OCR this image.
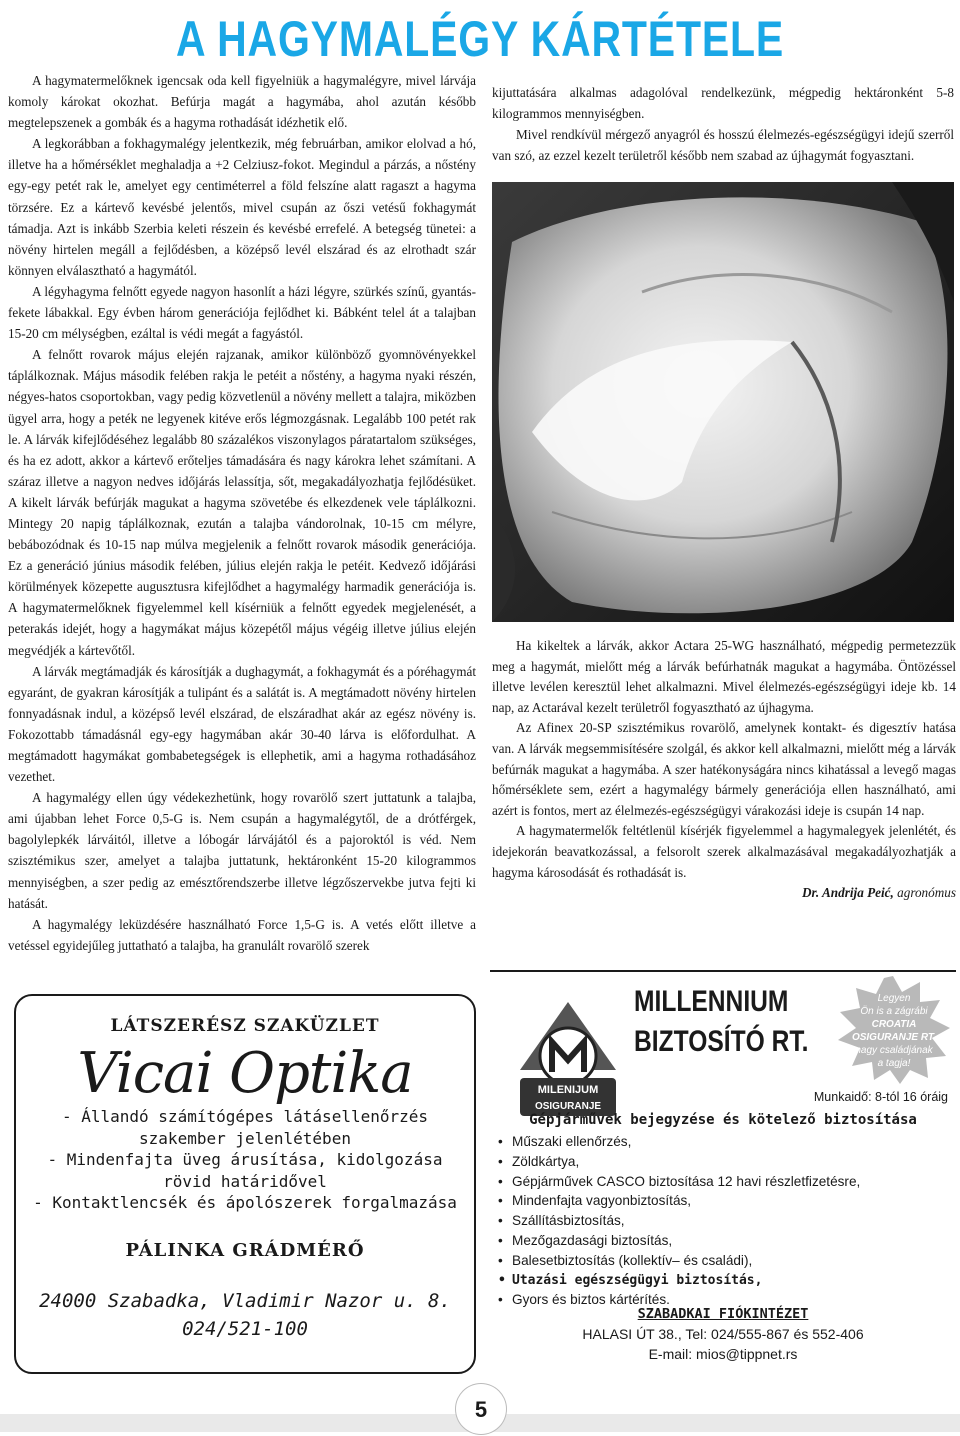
A HAGYMALÉGY KÁRTÉTELE

A hagymatermelőknek igencsak oda kell figyelniük a hagymalégyre, mivel lárvája komoly károkat okozhat. Befúrja magát a hagymába, ahol azután később megtelepszenek a gombák és a hagyma rothadását idézhetik elő.

A legkorábban a fokhagymalégy jelentkezik, még februárban, amikor elolvad a hó, illetve ha a hőmérséklet meghaladja a +2 Celziusz-fokot. Megindul a párzás, a nőstény egy-egy petét rak le, amelyet egy centiméterrel a föld felszíne alatt ragaszt a hagyma törzsére. Ez a kártevő kevésbé jelentős, mivel csupán az őszi vetésű fokhagymát támadja. Azt is inkább Szerbia keleti részein és kevésbé errefelé. A betegség tünetei: a növény hirtelen megáll a fejlődésben, a középső levél elszárad és az elrothadt szár könnyen elválasztható a hagymától.

A légyhagyma felnőtt egyede nagyon hasonlít a házi légyre, szürkés színű, gyantás-fekete lábakkal. Egy évben három generációja fejlődhet ki. Bábként telel át a talajban 15-20 cm mélységben, ezáltal is védi megát a fagyástól.

A felnőtt rovarok május elején rajzanak, amikor különböző gyomnövényekkel táplálkoznak. Május második felében rakja le petéit a nőstény, a hagyma nyaki részén, négyes-hatos csoportokban, vagy pedig közvetlenül a növény mellett a talajra, miközben ügyel arra, hogy a peték ne legyenek kitéve erős légmozgásnak. Legalább 100 petét rak le. A lárvák kifejlődéséhez legalább 80 százalékos viszonylagos páratartalom szükséges, és ha ez adott, akkor a kártevő erőteljes támadására és nagy károkra lehet számítani. A száraz illetve a nagyon nedves időjárás lelassítja, sőt, megakadályozhatja fejlődésüket. A kikelt lárvák befúrják magukat a hagyma szövetébe és elkezdenek vele táplálkozni. Mintegy 20 napig táplálkoznak, ezután a talajba vándorolnak, 10-15 cm mélyre, bebábozódnak és 10-15 nap múlva megjelenik a felnőtt rovarok második generációja. Ez a generáció június második felében, július elején rakja le petéit. Kedvező időjárási körülmények közepette augusztusra kifejlődhet a hagymalégy harmadik generációja is. A hagymatermelőknek figyelemmel kell kísérniük a felnőtt egyedek megjelenését, a peterakás idejét, hogy a hagymákat május közepétől május végéig illetve július elején megvédjék a kártevőtől.

A lárvák megtámadják és károsítják a dughagymát, a fokhagymát és a póréhagymát egyaránt, de gyakran károsítják a tulipánt és a salátát is. A megtámadott növény hirtelen fonnyadásnak indul, a középső levél elszárad, de elszáradhat akár az egész növény is. Fokozottabb támadásnál egy-egy hagymában akár 30-40 lárva is előfordulhat. A megtámadott hagymákat gombabetegségek is ellephetik, ami a hagyma rothadásához vezethet.

A hagymalégy ellen úgy védekezhetünk, hogy rovarölő szert juttatunk a talajba, ami újabban lehet Force 0,5-G is. Nem csupán a hagymalégytől, de a drótférgek, bagolylepkék lárváitól, illetve a lóbogár lárvájától és a pajoroktól is véd. Nem szisztémikus szer, amelyet a talajba juttatunk, hektáronként 15-20 kilogrammos mennyiségben, a szer pedig az emésztőrendszerbe illetve légzőszervekbe jutva fejti ki hatását.

A hagymalégy leküzdésére használható Force 1,5-G is. A vetés előtt illetve a vetéssel egyidejűleg juttatható a talajba, ha granulált rovarölő szerek

kijuttatására alkalmas adagolóval rendelkezünk, mégpedig hektáronként 5-8 kilogrammos mennyiségben.

Mivel rendkívül mérgező anyagról és hosszú élelmezés-egészségügyi idejű szerről van szó, az ezzel kezelt területről később nem szabad az újhagymát fogyasztani.

Ha kikeltek a lárvák, akkor Actara 25-WG használható, mégpedig permetezzük meg a hagymát, mielőtt még a lárvák befúrhatnák magukat a hagymába. Öntözéssel illetve levélen keresztül lehet alkalmazni. Mivel élelmezés-egészségügyi ideje kb. 14 nap, az Actarával kezelt területről fogyasztható az újhagyma.

Az Afinex 20-SP szisztémikus rovarölő, amelynek kontakt- és digesztív hatása van. A lárvák megsemmisítésére szolgál, és akkor kell alkalmazni, mielőtt még a lárvák befúrnák magukat a hagymába. A szer hatékonyságára nincs kihatással a levegő magas hőmérséklete sem, ezért a hagymalégy bármely generációja ellen használható, ami azért is fontos, mert az élelmezés-egészségügyi várakozási ideje is csupán 14 nap.

A hagymatermelők feltétlenül kísérjék figyelemmel a hagymalegyek jelenlétét, és idejekorán beavatkozással, a felsorolt szerek alkalmazásával megakadályozhatják a hagyma károsodását és rothadását is.

Dr. Andrija Peić, agronómus

LÁTSZERÉSZ SZAKÜZLET
Vicai Optika
- Állandó számítógépes látásellenőrzés
szakember jelenlétében
- Mindenfajta üveg árusítása, kidolgozása
rövid határidővel
- Kontaktlencsék és ápolószerek forgalmazása
PÁLINKA GRÁDMÉRŐ
24000 Szabadka, Vladimir Nazor u. 8.
024/521-100
MILENIJUM
OSIGURANJE
MILLENNIUM
BIZTOSÍTÓ RT.
Legyen
Ön is a zágrábi
CROATIA
OSIGURANJE RT.
nagy családjának
a tagja!
Munkaidő: 8-tól 16 óráig
Gépjárművek bejegyzése és kötelező biztosítása
• Műszaki ellenőrzés,
• Zöldkártya,
• Gépjárművek CASCO biztosítása 12 havi részletfizetésre,
• Mindenfajta vagyonbiztosítás,
• Szállításbiztosítás,
• Mezőgazdasági biztosítás,
• Balesetbiztosítás (kollektív– és családi),
• Utazási egészségügyi biztosítás,
• Gyors és biztos kártérítés.
SZABADKAI FIÓKINTÉZET
HALASI ÚT 38., Tel: 024/555-867 és 552-406
E-mail: mios@tippnet.rs
5
